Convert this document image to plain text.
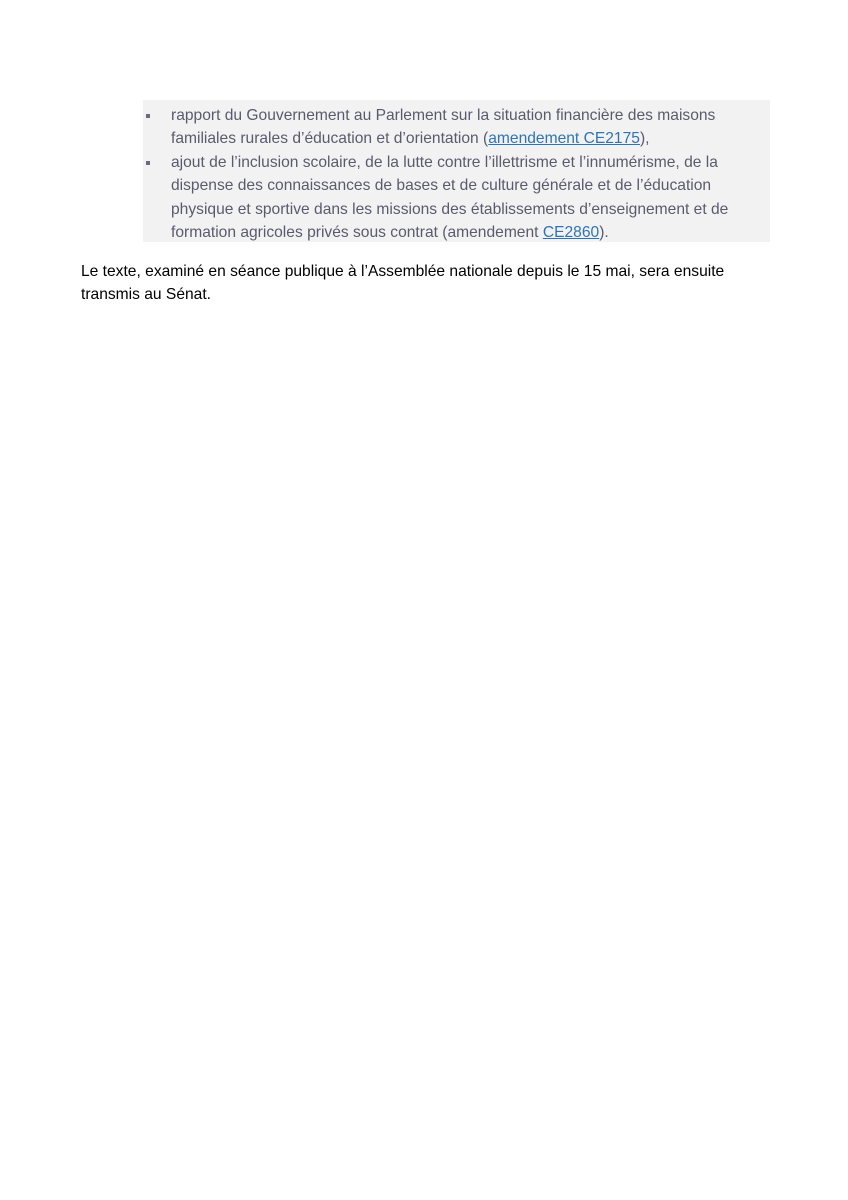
rapport du Gouvernement au Parlement sur la situation financière des maisons familiales rurales d’éducation et d’orientation (amendement CE2175),
ajout de l’inclusion scolaire, de la lutte contre l’illettrisme et l’innumérisme, de la dispense des connaissances de bases et de culture générale et de l’éducation physique et sportive dans les missions des établissements d’enseignement et de formation agricoles privés sous contrat (amendement CE2860).

Le texte, examiné en séance publique à l’Assemblée nationale depuis le 15 mai, sera ensuite transmis au Sénat.
